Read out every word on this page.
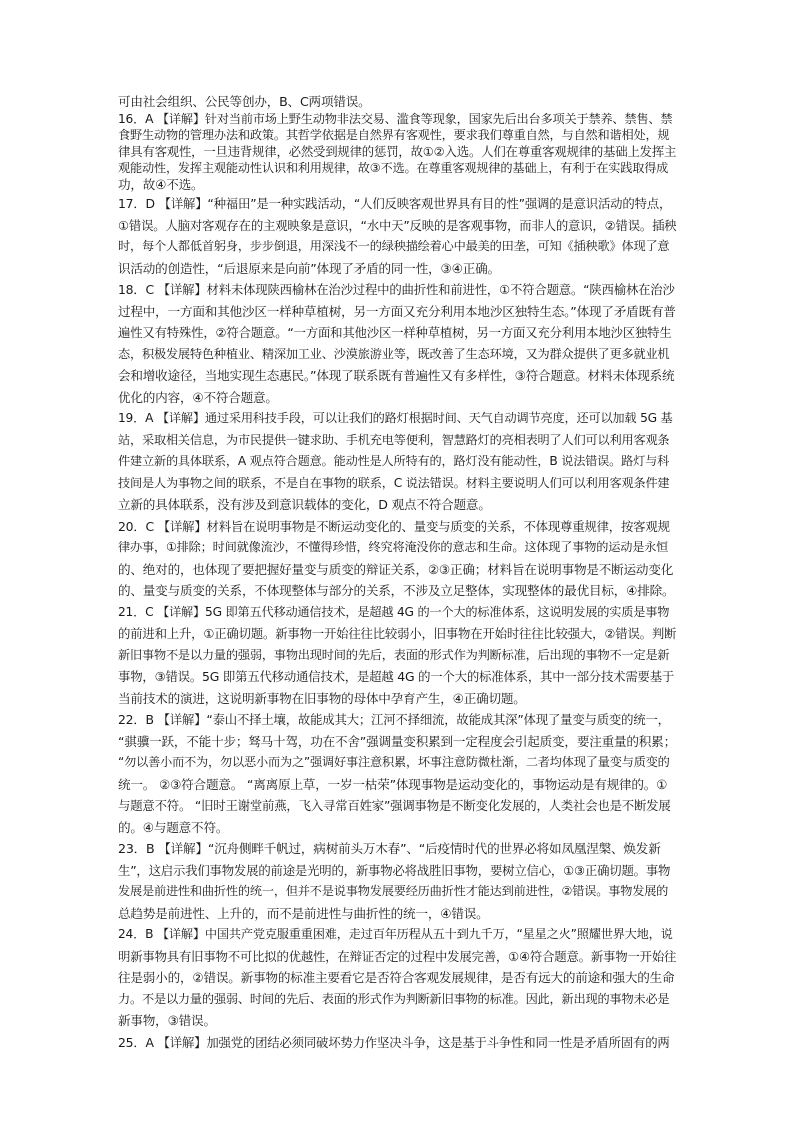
可由社会组织、公民等创办，B、C两项错误。
16．A 【详解】针对当前市场上野生动物非法交易、滥食等现象，国家先后出台多项关于禁养、禁售、禁
食野生动物的管理办法和政策。其哲学依据是自然界有客观性，要求我们尊重自然，与自然和谐相处，规
律具有客观性，一旦违背规律，必然受到规律的惩罚，故①②入选。人们在尊重客观规律的基础上发挥主
观能动性，发挥主观能动性认识和利用规律，故③不选。在尊重客观规律的基础上，有利于在实践取得成
功，故④不选。
17．D 【详解】“种福田”是一种实践活动，“人们反映客观世界具有目的性”强调的是意识活动的特点，
①错误。人脑对客观存在的主观映象是意识，“水中天”反映的是客观事物，而非人的意识，②错误。插秧
时，每个人都低首躬身，步步倒退，用深浅不一的绿秧描绘着心中最美的田垄，可知《插秧歌》体现了意
识活动的创造性，“后退原来是向前”体现了矛盾的同一性，③④正确。
18．C 【详解】材料未体现陕西榆林在治沙过程中的曲折性和前进性，①不符合题意。“陕西榆林在治沙
过程中，一方面和其他沙区一样种草植树，另一方面又充分利用本地沙区独特生态。”体现了矛盾既有普
遍性又有特殊性，②符合题意。“一方面和其他沙区一样种草植树，另一方面又充分利用本地沙区独特生
态，积极发展特色种植业、精深加工业、沙漠旅游业等，既改善了生态环境，又为群众提供了更多就业机
会和增收途径，当地实现生态惠民。”体现了联系既有普遍性又有多样性，③符合题意。材料未体现系统
优化的内容，④不符合题意。
19．A 【详解】通过采用科技手段，可以让我们的路灯根据时间、天气自动调节亮度，还可以加载 5G 基
站，采取相关信息，为市民提供一键求助、手机充电等便利，智慧路灯的亮相表明了人们可以利用客观条
件建立新的具体联系，A 观点符合题意。能动性是人所特有的，路灯没有能动性，B 说法错误。路灯与科
技间是人为事物之间的联系，不是自在事物的联系，C 说法错误。材料主要说明人们可以利用客观条件建
立新的具体联系，没有涉及到意识载体的变化，D 观点不符合题意。
20．C 【详解】材料旨在说明事物是不断运动变化的、量变与质变的关系，不体现尊重规律，按客观规
律办事，①排除；时间就像流沙，不懂得珍惜，终究将淹没你的意志和生命。这体现了事物的运动是永恒
的、绝对的，也体现了要把握好量变与质变的辩证关系，②③正确；材料旨在说明事物是不断运动变化
的、量变与质变的关系，不体现整体与部分的关系，不涉及立足整体，实现整体的最优目标，④排除。
21．C 【详解】5G 即第五代移动通信技术，是超越 4G 的一个大的标准体系，这说明发展的实质是事物
的前进和上升，①正确切题。新事物一开始往往比较弱小，旧事物在开始时往往比较强大，②错误。判断
新旧事物不是以力量的强弱，事物出现时间的先后，表面的形式作为判断标准，后出现的事物不一定是新
事物，③错误。5G 即第五代移动通信技术，是超越 4G 的一个大的标准体系，其中一部分技术需要基于
当前技术的演进，这说明新事物在旧事物的母体中孕育产生，④正确切题。
22．B 【详解】“泰山不择土壤，故能成其大；江河不择细流，故能成其深”体现了量变与质变的统一，
“骐骥一跃，不能十步；驽马十驾，功在不舍”强调量变积累到一定程度会引起质变，要注重量的积累；
“勿以善小而不为，勿以恶小而为之”强调好事注意积累，坏事注意防微杜渐，二者均体现了量变与质变的
统一。 ②③符合题意。 “离离原上草，一岁一枯荣”体现事物是运动变化的，事物运动是有规律的。①
与题意不符。 “旧时王谢堂前燕，飞入寻常百姓家”强调事物是不断变化发展的，人类社会也是不断发展
的。④与题意不符。
23．B 【详解】“沉舟侧畔千帆过，病树前头万木春”、“后疫情时代的世界必将如凤凰涅槃、焕发新
生”，这启示我们事物发展的前途是光明的，新事物必将战胜旧事物，要树立信心，①③正确切题。事物
发展是前进性和曲折性的统一，但并不是说事物发展要经历曲折性才能达到前进性，②错误。事物发展的
总趋势是前进性、上升的，而不是前进性与曲折性的统一，④错误。
24．B 【详解】中国共产党克服重重困难，走过百年历程从五十到九千万，“星星之火”照耀世界大地，说
明新事物具有旧事物不可比拟的优越性，在辩证否定的过程中发展完善，①④符合题意。新事物一开始往
往是弱小的，②错误。新事物的标准主要看它是否符合客观发展规律，是否有远大的前途和强大的生命
力。不是以力量的强弱、时间的先后、表面的形式作为判断新旧事物的标准。因此，新出现的事物未必是
新事物，③错误。
25．A 【详解】加强党的团结必须同破坏势力作坚决斗争，这是基于斗争性和同一性是矛盾所固有的两
